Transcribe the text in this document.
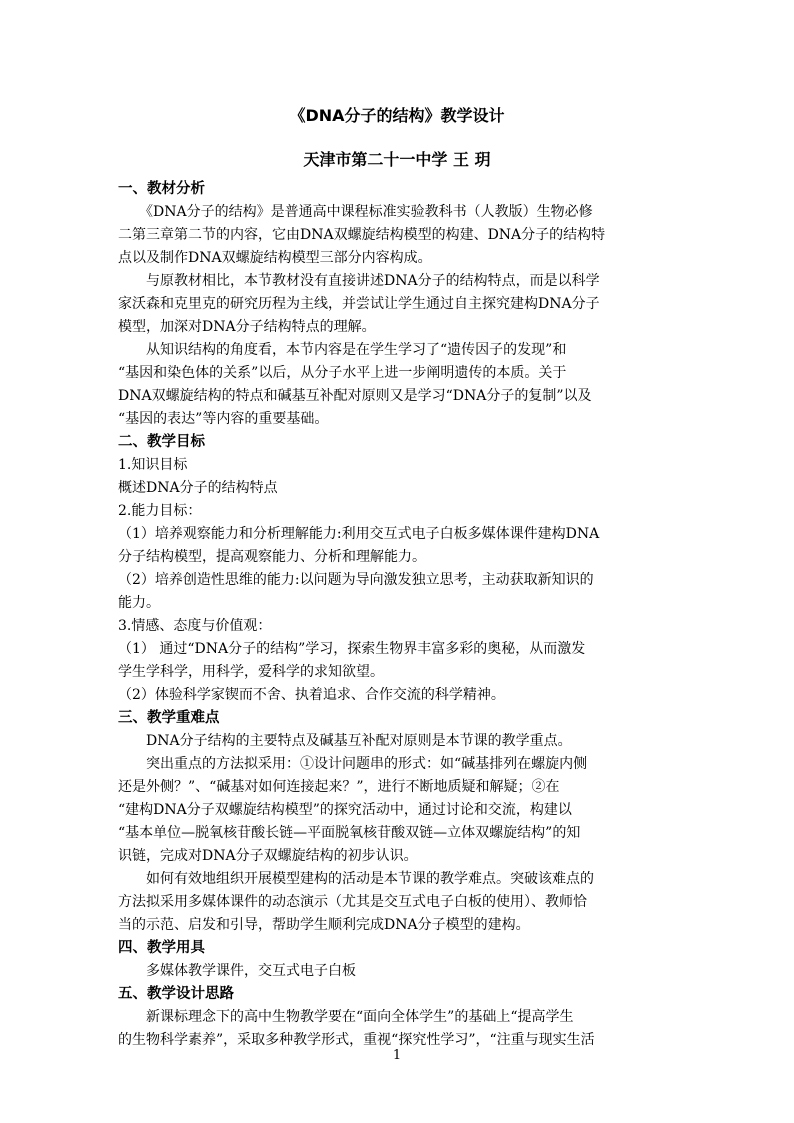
《DNA分子的结构》教学设计
天津市第二十一中学 王 玥
一、教材分析
　　《DNA分子的结构》是普通高中课程标准实验教科书（人教版）生物必修
二第三章第二节的内容，它由DNA双螺旋结构模型的构建、DNA分子的结构特
点以及制作DNA双螺旋结构模型三部分内容构成。
　　与原教材相比，本节教材没有直接讲述DNA分子的结构特点，而是以科学
家沃森和克里克的研究历程为主线，并尝试让学生通过自主探究建构DNA分子
模型，加深对DNA分子结构特点的理解。
　　从知识结构的角度看，本节内容是在学生学习了“遗传因子的发现”和
“基因和染色体的关系”以后，从分子水平上进一步阐明遗传的本质。关于
DNA双螺旋结构的特点和碱基互补配对原则又是学习“DNA分子的复制”以及
“基因的表达”等内容的重要基础。
二、教学目标
1.知识目标
概述DNA分子的结构特点
2.能力目标：
（1）培养观察能力和分析理解能力:利用交互式电子白板多媒体课件建构DNA
分子结构模型，提高观察能力、分析和理解能力。
（2）培养创造性思维的能力:以问题为导向激发独立思考，主动获取新知识的
能力。
3.情感、态度与价值观：
（1） 通过“DNA分子的结构”学习，探索生物界丰富多彩的奥秘，从而激发
学生学科学，用科学，爱科学的求知欲望。
（2）体验科学家锲而不舍、执着追求、合作交流的科学精神。
三、教学重难点
　　DNA分子结构的主要特点及碱基互补配对原则是本节课的教学重点。
　　突出重点的方法拟采用：①设计问题串的形式：如“碱基排列在螺旋内侧
还是外侧？”、“碱基对如何连接起来？”，进行不断地质疑和解疑；②在
“建构DNA分子双螺旋结构模型”的探究活动中，通过讨论和交流，构建以
“基本单位—脱氧核苷酸长链—平面脱氧核苷酸双链—立体双螺旋结构”的知
识链，完成对DNA分子双螺旋结构的初步认识。
　　如何有效地组织开展模型建构的活动是本节课的教学难点。突破该难点的
方法拟采用多媒体课件的动态演示（尤其是交互式电子白板的使用）、教师恰
当的示范、启发和引导，帮助学生顺利完成DNA分子模型的建构。
四、教学用具
　　多媒体教学课件，交互式电子白板
五、教学设计思路
　　新课标理念下的高中生物教学要在“面向全体学生”的基础上“提高学生
的生物科学素养”，采取多种教学形式，重视“探究性学习”，“注重与现实生活
1
